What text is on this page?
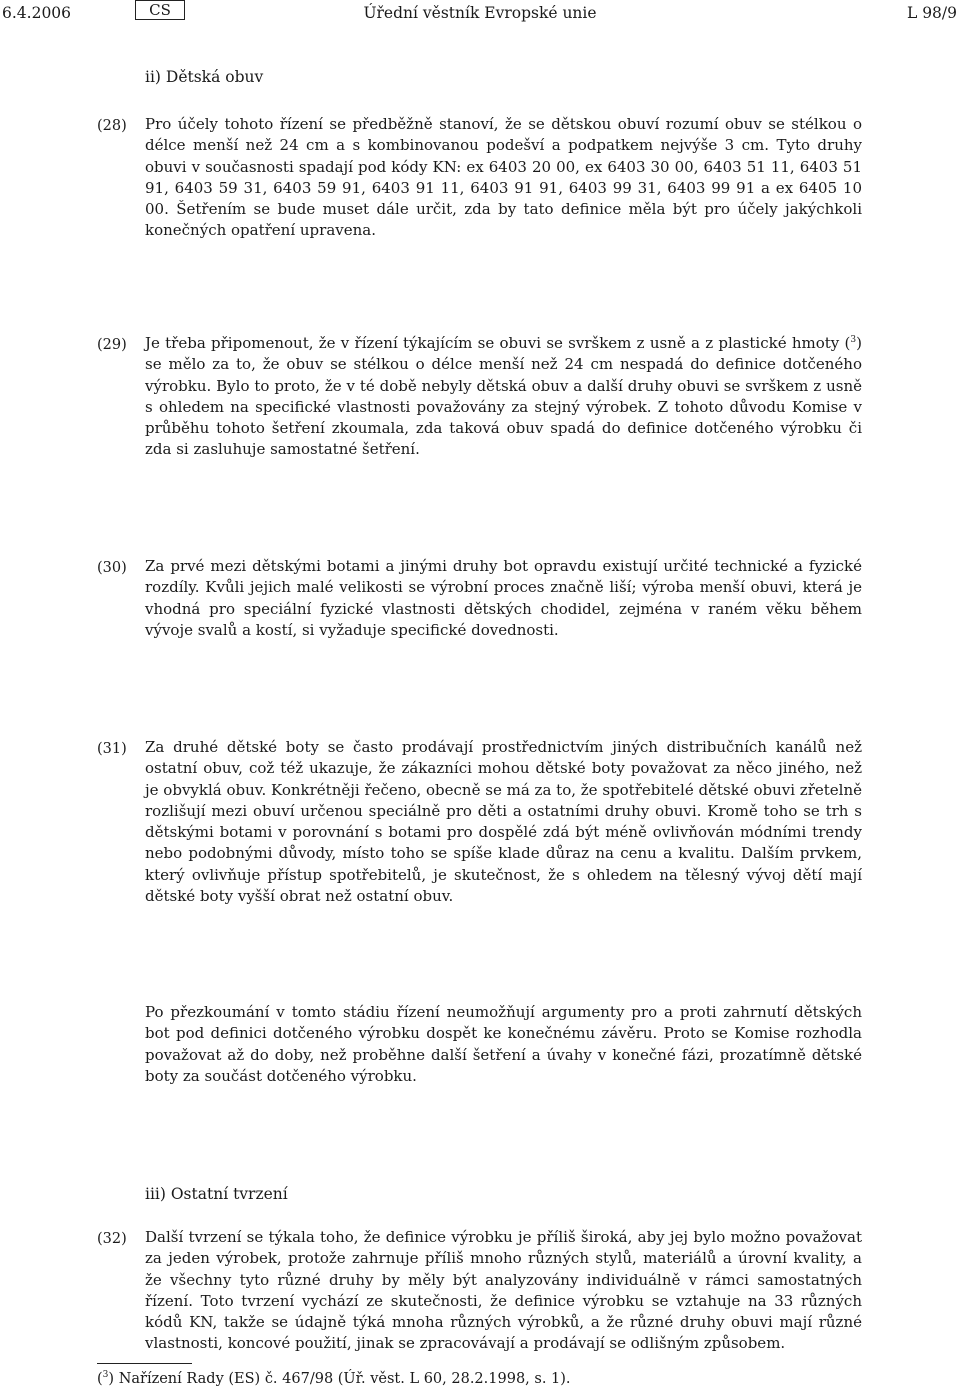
6.4.2006	CS	Úřední věstník Evropské unie	L 98/9
ii) Dětská obuv
(28) Pro účely tohoto řízení se předběžně stanoví, že se dětskou obuví rozumí obuv se stélkou o délce menší než 24 cm a s kombinovanou podešví a podpatkem nejvýše 3 cm. Tyto druhy obuvi v současnosti spadají pod kódy KN: ex 6403 20 00, ex 6403 30 00, 6403 51 11, 6403 51 91, 6403 59 31, 6403 59 91, 6403 91 11, 6403 91 91, 6403 99 31, 6403 99 91 a ex 6405 10 00. Šetřením se bude muset dále určit, zda by tato definice měla být pro účely jakýchkoli konečných opatření upravena.
(29) Je třeba připomenout, že v řízení týkajícím se obuvi se svrškem z usně a z plastické hmoty ($^3$) se mělo za to, že obuv se stélkou o délce menší než 24 cm nespadá do definice dotčeného výrobku. Bylo to proto, že v té době nebyly dětská obuv a další druhy obuvi se svrškem z usně s ohledem na specifické vlastnosti považovány za stejný výrobek. Z tohoto důvodu Komise v průběhu tohoto šetření zkoumala, zda taková obuv spadá do definice dotčeného výrobku či zda si zasluhuje samostatné šetření.
(30) Za prvé mezi dětskými botami a jinými druhy bot opravdu existují určité technické a fyzické rozdíly. Kvůli jejich malé velikosti se výrobní proces značně liší; výroba menší obuvi, která je vhodná pro speciální fyzické vlastnosti dětských chodidel, zejména v raném věku během vývoje svalů a kostí, si vyžaduje specifické dovednosti.
(31) Za druhé dětské boty se často prodávají prostřednictvím jiných distribučních kanálů než ostatní obuv, což též ukazuje, že zákazníci mohou dětské boty považovat za něco jiného, než je obvyklá obuv. Konkrétněji řečeno, obecně se má za to, že spotřebitelé dětské obuvi zřetelně rozlišují mezi obuví určenou speciálně pro děti a ostatními druhy obuvi. Kromě toho se trh s dětskými botami v porovnání s botami pro dospělé zdá být méně ovlivňován módními trendy nebo podobnými důvody, místo toho se spíše klade důraz na cenu a kvalitu. Dalším prvkem, který ovlivňuje přístup spotřebitelů, je skutečnost, že s ohledem na tělesný vývoj dětí mají dětské boty vyšší obrat než ostatní obuv.
Po přezkoumání v tomto stádiu řízení neumožňují argumenty pro a proti zahrnutí dětských bot pod definici dotčeného výrobku dospět ke konečnému závěru. Proto se Komise rozhodla považovat až do doby, než proběhne další šetření a úvahy v konečné fázi, prozatímně dětské boty za součást dotčeného výrobku.
iii) Ostatní tvrzení
(32) Další tvrzení se týkala toho, že definice výrobku je příliš široká, aby jej bylo možno považovat za jeden výrobek, protože zahrnuje příliš mnoho různých stylů, materiálů a úrovní kvality, a že všechny tyto různé druhy by měly být analyzovány individuálně v rámci samostatných řízení. Toto tvrzení vychází ze skutečnosti, že definice výrobku se vztahuje na 33 různých kódů KN, takže se údajně týká mnoha různých výrobků, a že různé druhy obuvi mají různé vlastnosti, koncové použití, jinak se zpracovávají a prodávají se odlišným způsobem.
($^3$) Nařízení Rady (ES) č. 467/98 (Úř. věst. L 60, 28.2.1998, s. 1).
